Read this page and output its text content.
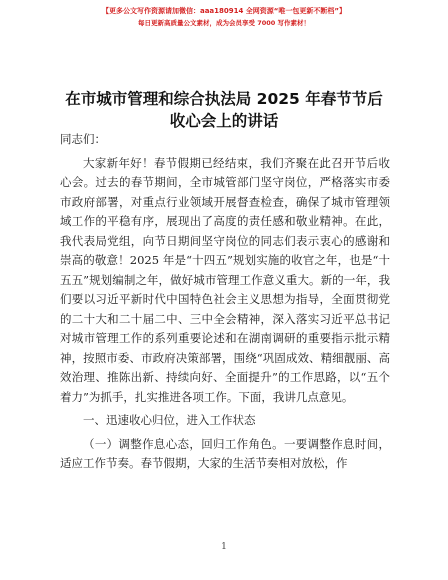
【更多公文写作资源请加微信：aaa180914 全网资源“唯一包更新不断档”】
每日更新高质量公文素材，成为会员享受 7000 写作素材！
在市城市管理和综合执法局 2025 年春节节后收心会上的讲话

同志们：

大家新年好！春节假期已经结束，我们齐聚在此召开节后收心会。过去的春节期间，全市城管部门坚守岗位，严格落实市委市政府部署，对重点行业领域开展督查检查，确保了城市管理领域工作的平稳有序，展现出了高度的责任感和敬业精神。在此，我代表局党组，向节日期间坚守岗位的同志们表示衷心的感谢和崇高的敬意！2025 年是“十四五”规划实施的收官之年，也是“十五五”规划编制之年，做好城市管理工作意义重大。新的一年，我们要以习近平新时代中国特色社会主义思想为指导，全面贯彻党的二十大和二十届二中、三中全会精神，深入落实习近平总书记对城市管理工作的系列重要论述和在湖南调研的重要指示批示精神，按照市委、市政府决策部署，围绕“巩固成效、精细靓丽、高效治理、推陈出新、持续向好、全面提升”的工作思路，以“五个着力”为抓手，扎实推进各项工作。下面，我讲几点意见。

一、迅速收心归位，进入工作状态

（一）调整作息心态，回归工作角色。一要调整作息时间，适应工作节奏。春节假期，大家的生活节奏相对放松，作

1
